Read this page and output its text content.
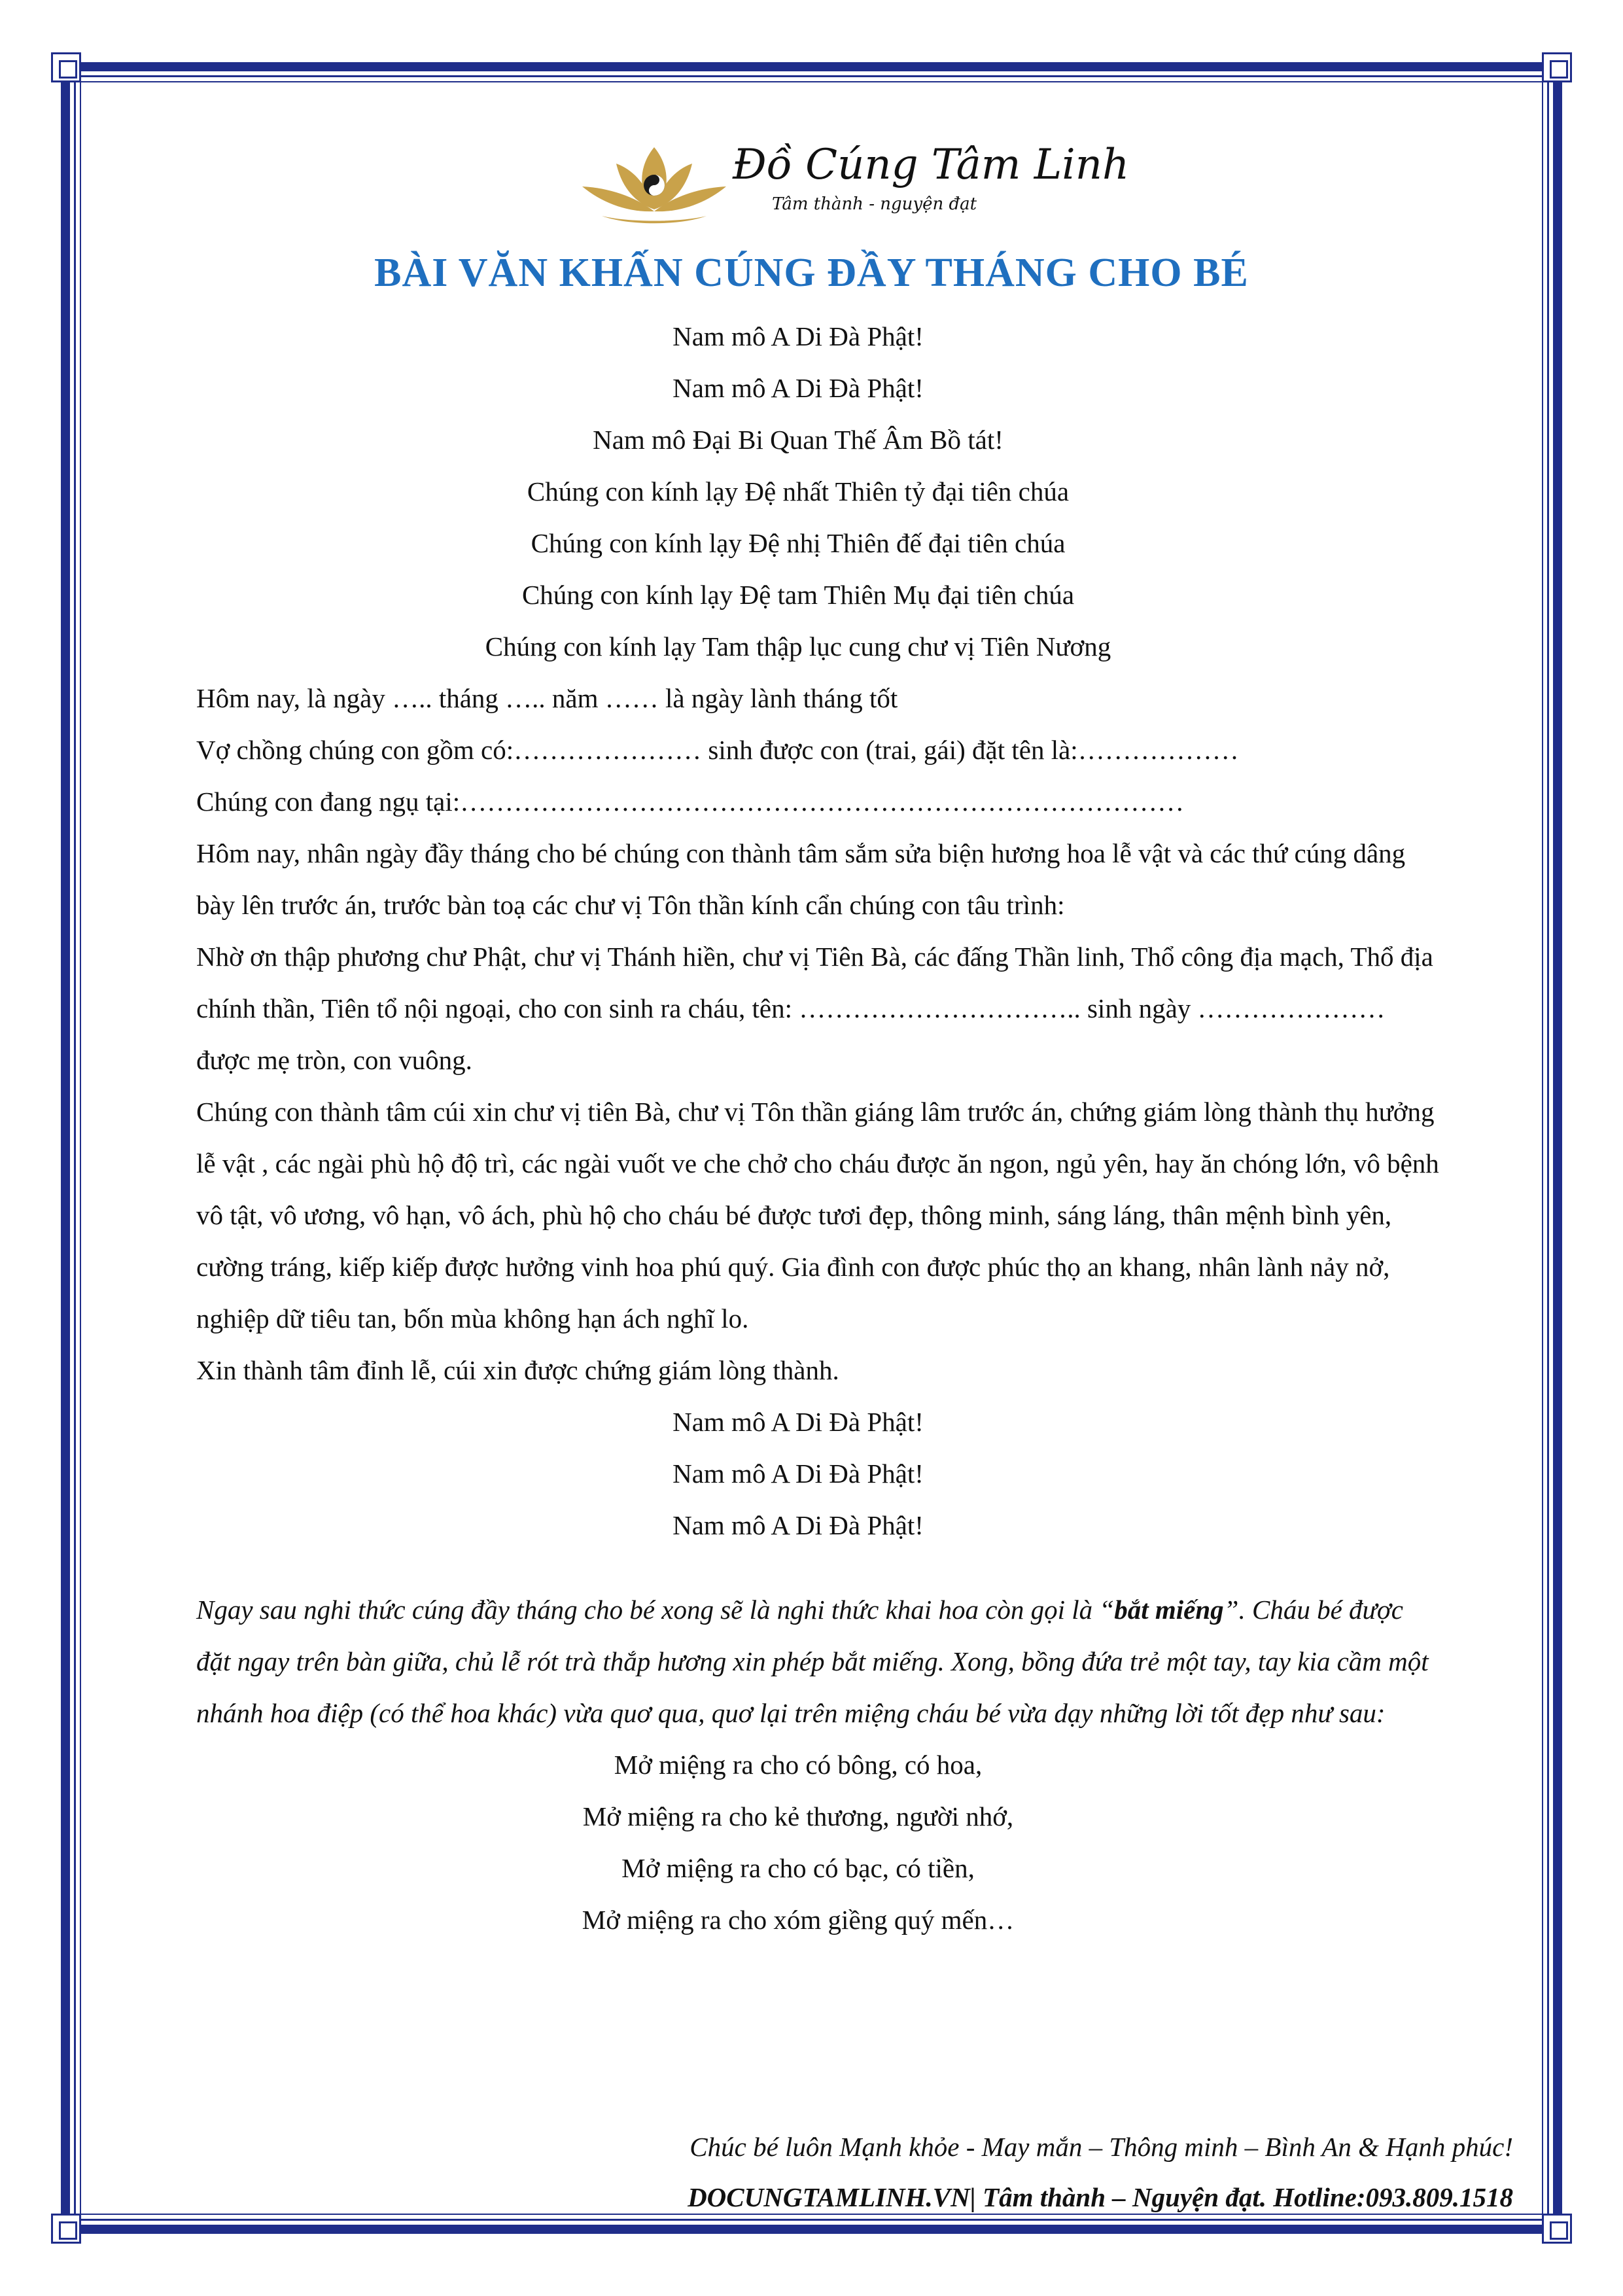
Đồ Cúng Tâm Linh
Tâm thành - nguyện đạt
BÀI VĂN KHẤN CÚNG ĐẦY THÁNG CHO BÉ

Nam mô A Di Đà Phật!

Nam mô A Di Đà Phật!

Nam mô Đại Bi Quan Thế Âm Bồ tát!

Chúng con kính lạy Đệ nhất Thiên tỷ đại tiên chúa

Chúng con kính lạy Đệ nhị Thiên đế đại tiên chúa

Chúng con kính lạy Đệ tam Thiên Mụ đại tiên chúa

Chúng con kính lạy Tam thập lục cung chư vị Tiên Nương

Hôm nay, là ngày ….. tháng ….. năm …… là ngày lành tháng tốt

Vợ chồng chúng con gồm có:………………… sinh được con (trai, gái) đặt tên là:………………

Chúng con đang ngụ tại:………………………………………………………………………

Hôm nay, nhân ngày đầy tháng cho bé chúng con thành tâm sắm sửa biện hương hoa lễ vật và các thứ cúng dâng bày lên trước án, trước bàn toạ các chư vị Tôn thần kính cẩn chúng con tâu trình:

Nhờ ơn thập phương chư Phật, chư vị Thánh hiền, chư vị Tiên Bà, các đấng Thần linh, Thổ công địa mạch, Thổ địa chính thần, Tiên tổ nội ngoại, cho con sinh ra cháu, tên: ………………………….. sinh ngày ………………… được mẹ tròn, con vuông.

Chúng con thành tâm cúi xin chư vị tiên Bà, chư vị Tôn thần giáng lâm trước án, chứng giám lòng thành thụ hưởng lễ vật , các ngài phù hộ độ trì, các ngài vuốt ve che chở cho cháu được ăn ngon, ngủ yên, hay ăn chóng lớn, vô bệnh vô tật, vô ương, vô hạn, vô ách, phù hộ cho cháu bé được tươi đẹp, thông minh, sáng láng, thân mệnh bình yên, cường tráng, kiếp kiếp được hưởng vinh hoa phú quý. Gia đình con được phúc thọ an khang, nhân lành nảy nở, nghiệp dữ tiêu tan, bốn mùa không hạn ách nghĩ lo.

Xin thành tâm đỉnh lễ, cúi xin được chứng giám lòng thành.

Nam mô A Di Đà Phật!

Nam mô A Di Đà Phật!

Nam mô A Di Đà Phật!

Ngay sau nghi thức cúng đầy tháng cho bé xong sẽ là nghi thức khai hoa còn gọi là “bắt miếng”. Cháu bé được đặt ngay trên bàn giữa, chủ lễ rót trà thắp hương xin phép bắt miếng. Xong, bồng đứa trẻ một tay, tay kia cầm một nhánh hoa điệp (có thể hoa khác) vừa quơ qua, quơ lại trên miệng cháu bé vừa dạy những lời tốt đẹp như sau:

Mở miệng ra cho có bông, có hoa,

Mở miệng ra cho kẻ thương, người nhớ,

Mở miệng ra cho có bạc, có tiền,

Mở miệng ra cho xóm giềng quý mến…

Chúc bé luôn Mạnh khỏe - May mắn – Thông minh – Bình An & Hạnh phúc!
DOCUNGTAMLINH.VN| Tâm thành – Nguyện đạt. Hotline:093.809.1518
